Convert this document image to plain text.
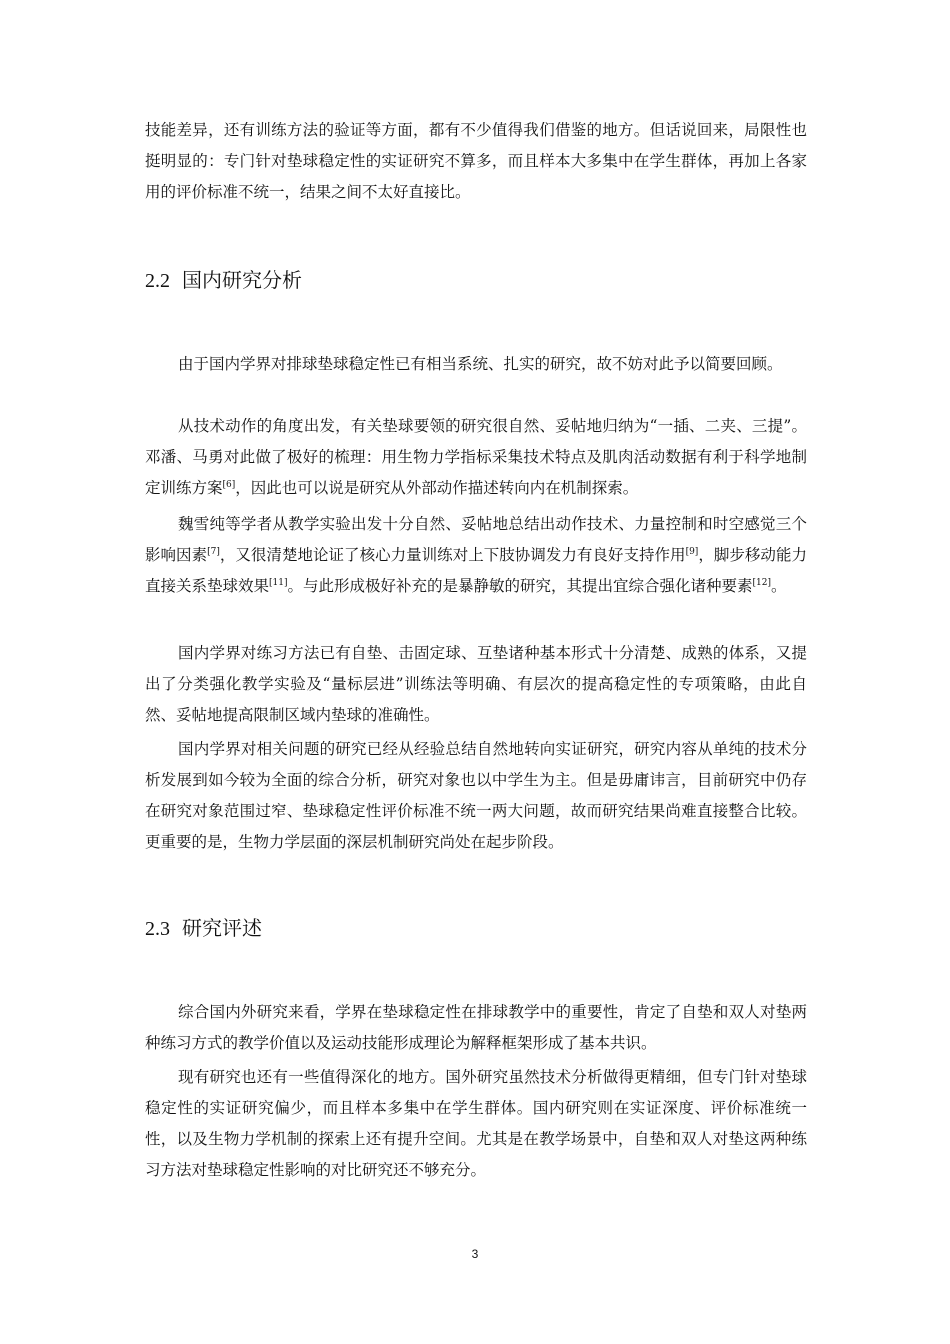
技能差异，还有训练方法的验证等方面，都有不少值得我们借鉴的地方。但话说回来，局限性也挺明显的：专门针对垫球稳定性的实证研究不算多，而且样本大多集中在学生群体，再加上各家用的评价标准不统一，结果之间不太好直接比。

2.2 国内研究分析

由于国内学界对排球垫球稳定性已有相当系统、扎实的研究，故不妨对此予以简要回顾。

从技术动作的角度出发，有关垫球要领的研究很自然、妥帖地归纳为“一插、二夹、三提”。邓潘、马勇对此做了极好的梳理：用生物力学指标采集技术特点及肌肉活动数据有利于科学地制定训练方案[6]，因此也可以说是研究从外部动作描述转向内在机制探索。

魏雪纯等学者从教学实验出发十分自然、妥帖地总结出动作技术、力量控制和时空感觉三个影响因素[7]，又很清楚地论证了核心力量训练对上下肢协调发力有良好支持作用[9]，脚步移动能力直接关系垫球效果[11]。与此形成极好补充的是暴静敏的研究，其提出宜综合强化诸种要素[12]。

国内学界对练习方法已有自垫、击固定球、互垫诸种基本形式十分清楚、成熟的体系，又提出了分类强化教学实验及“量标层进”训练法等明确、有层次的提高稳定性的专项策略，由此自然、妥帖地提高限制区域内垫球的准确性。

国内学界对相关问题的研究已经从经验总结自然地转向实证研究，研究内容从单纯的技术分析发展到如今较为全面的综合分析，研究对象也以中学生为主。但是毋庸讳言，目前研究中仍存在研究对象范围过窄、垫球稳定性评价标准不统一两大问题，故而研究结果尚难直接整合比较。更重要的是，生物力学层面的深层机制研究尚处在起步阶段。

2.3 研究评述

综合国内外研究来看，学界在垫球稳定性在排球教学中的重要性，肯定了自垫和双人对垫两种练习方式的教学价值以及运动技能形成理论为解释框架形成了基本共识。

现有研究也还有一些值得深化的地方。国外研究虽然技术分析做得更精细，但专门针对垫球稳定性的实证研究偏少，而且样本多集中在学生群体。国内研究则在实证深度、评价标准统一性，以及生物力学机制的探索上还有提升空间。尤其是在教学场景中，自垫和双人对垫这两种练习方法对垫球稳定性影响的对比研究还不够充分。

3
